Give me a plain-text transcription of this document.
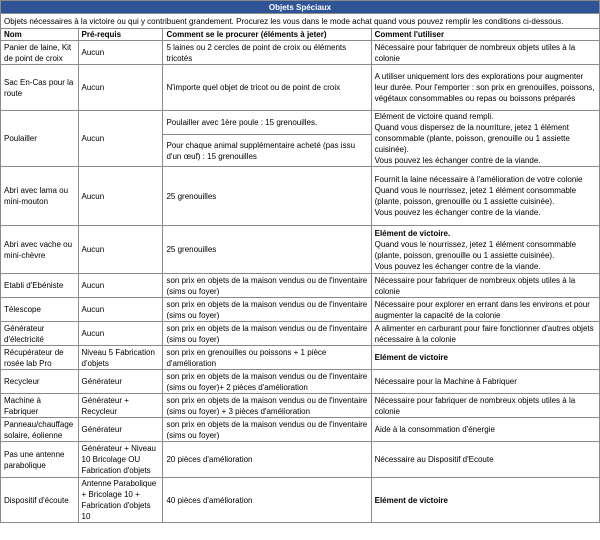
Objets Spéciaux			
Objets nécessaires à la victoire ou qui y contribuent grandement. Procurez les vous dans le mode achat quand vous pouvez remplir les conditions ci-dessous.			
Nom	Pré-requis	Comment se le procurer (éléments à jeter)	Comment l'utiliser
Panier de laine, Kit de point de croix	Aucun	5 laines ou 2 cercles de point de croix ou éléments tricotés	Nécessaire pour fabriquer de nombreux objets utiles à la colonie
Sac En-Cas pour la route	Aucun	N'importe quel objet de tricot ou de point de croix	A utiliser uniquement lors des explorations pour augmenter leur durée. Pour l'emporter : son prix en grenouilles, poissons, végétaux consommables ou repas ou boissons préparés
Poulailler	Aucun	Poulailler avec 1ère poule : 15 grenouilles.	Elément de victoire quand rempli.
Quand vous dispersez de la nourriture, jetez 1 élément consommable (plante, poisson, grenouille ou 1 assiette cuisinée).
Vous pouvez les échanger contre de la viande.

		Pour chaque animal supplémentaire acheté (pas issu d'un œuf) : 15 grenouilles	
Abri avec lama ou mini-mouton	Aucun	25 grenouilles	Fournit la laine nécessaire à l'amélioration de votre colonie
Quand vous le nourrissez, jetez 1 élément consommable (plante, poisson, grenouille ou 1 assiette cuisinée).
Vous pouvez les échanger contre de la viande.

Abri avec vache ou mini-chèvre	Aucun	25 grenouilles	Elément de victoire.
Quand vous le nourrissez, jetez 1 élément consommable (plante, poisson, grenouille ou 1 assiette cuisinée).
Vous pouvez les échanger contre de la viande.

Etabli d'Ebéniste	Aucun	son prix en objets de la maison vendus ou de l'inventaire (sims ou foyer)	Nécessaire pour fabriquer de nombreux objets utiles à la colonie
Télescope	Aucun	son prix en objets de la maison vendus ou de l'inventaire (sims ou foyer)	Nécessaire pour explorer en errant dans les environs et pour augmenter la capacité de la colonie
Générateur d'électricité	Aucun	son prix en objets de la maison vendus ou de l'inventaire (sims ou foyer)	A alimenter en carburant pour faire fonctionner d'autres objets nécessaire à la colonie
Récupérateur de rosée lab Pro	Niveau 5 Fabrication d'objets	son prix en grenouilles ou poissons + 1 pièce d'amélioration	Elément de victoire
Recycleur	Générateur	son prix en objets de la maison vendus ou de l'inventaire (sims ou foyer)+ 2 pièces d'amélioration	Nécessaire pour la Machine à Fabriquer
Machine à Fabriquer	Générateur + Recycleur	son prix en objets de la maison vendus ou de l'inventaire (sims ou foyer) + 3 pièces d'amélioration	Nécessaire pour fabriquer de nombreux objets utiles à la colonie
Panneau/chauffage solaire, éolienne	Générateur	son prix en objets de la maison vendus ou de l'inventaire (sims ou foyer)	Aide à la consommation d'énergie
Pas une antenne parabolique	Générateur + Niveau 10 Bricolage OU Fabrication d'objets	20 pièces d'amélioration	Nécessaire au Dispositif d'Ecoute
Dispositif d'écoute	Antenne Parabolique + Bricolage 10 + Fabrication d'objets 10	40 pièces d'amélioration	Elément de victoire
